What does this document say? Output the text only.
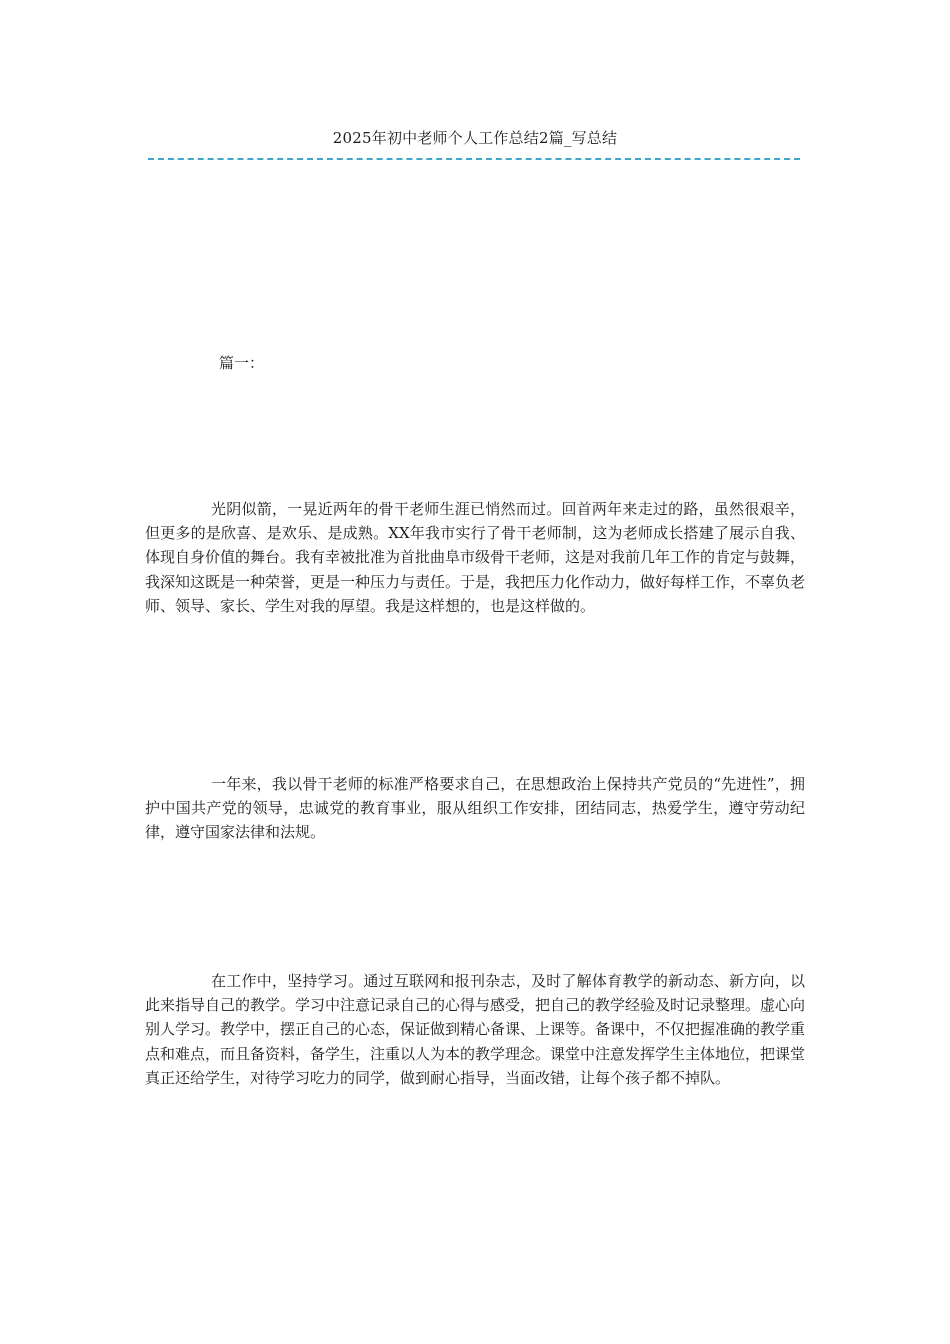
2025年初中老师个人工作总结2篇_写总结
篇一：

光阴似箭，一晃近两年的骨干老师生涯已悄然而过。回首两年来走过的路，虽然很艰辛，但更多的是欣喜、是欢乐、是成熟。XX年我市实行了骨干老师制，这为老师成长搭建了展示自我、体现自身价值的舞台。我有幸被批准为首批曲阜市级骨干老师，这是对我前几年工作的肯定与鼓舞，我深知这既是一种荣誉，更是一种压力与责任。于是，我把压力化作动力，做好每样工作，不辜负老师、领导、家长、学生对我的厚望。我是这样想的，也是这样做的。

一年来，我以骨干老师的标准严格要求自己，在思想政治上保持共产党员的“先进性”，拥护中国共产党的领导，忠诚党的教育事业，服从组织工作安排，团结同志，热爱学生，遵守劳动纪律，遵守国家法律和法规。

在工作中，坚持学习。通过互联网和报刊杂志，及时了解体育教学的新动态、新方向，以此来指导自己的教学。学习中注意记录自己的心得与感受，把自己的教学经验及时记录整理。虚心向别人学习。教学中，摆正自己的心态，保证做到精心备课、上课等。备课中，不仅把握准确的教学重点和难点，而且备资料，备学生，注重以人为本的教学理念。课堂中注意发挥学生主体地位，把课堂真正还给学生，对待学习吃力的同学，做到耐心指导，当面改错，让每个孩子都不掉队。
